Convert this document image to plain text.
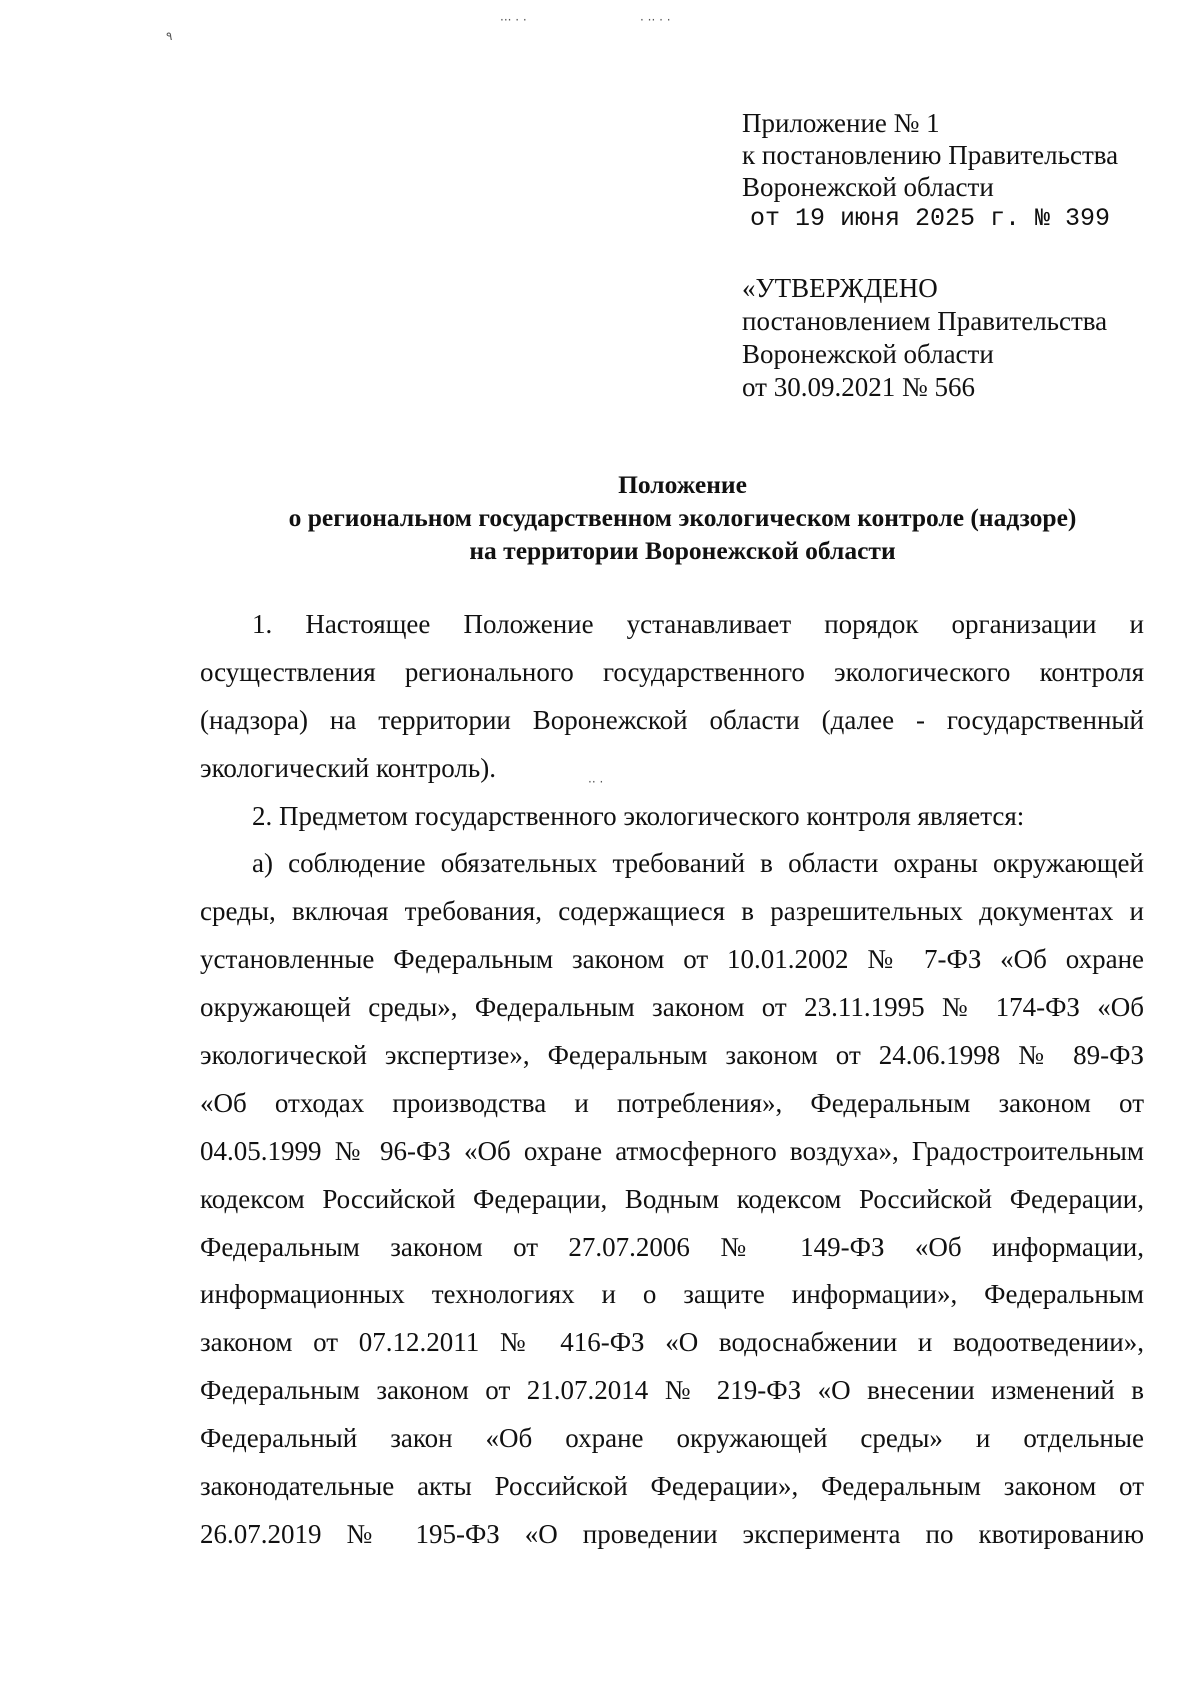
٩
··· · ·	· ·· · ·
·· ·
Приложение № 1
к постановлению Правительства
Воронежской области
от 19 июня 2025 г. № 399
«УТВЕРЖДЕНО
постановлением Правительства
Воронежской области
от 30.09.2021 № 566
Положение
о региональном государственном экологическом контроле (надзоре)
на территории Воронежской области
1. Настоящее Положение устанавливает порядок организации и
осуществления регионального государственного экологического контроля
(надзора) на территории Воронежской области (далее - государственный
экологический контроль).
2. Предметом государственного экологического контроля является:
а) соблюдение обязательных требований в области охраны окружающей
среды, включая требования, содержащиеся в разрешительных документах и
установленные Федеральным законом от 10.01.2002 № 7-ФЗ «Об охране
окружающей среды», Федеральным законом от 23.11.1995 № 174-ФЗ «Об
экологической экспертизе», Федеральным законом от 24.06.1998 № 89-ФЗ
«Об отходах производства и потребления», Федеральным законом от
04.05.1999 № 96-ФЗ «Об охране атмосферного воздуха», Градостроительным
кодексом Российской Федерации, Водным кодексом Российской Федерации,
Федеральным законом от 27.07.2006 № 149-ФЗ «Об информации,
информационных технологиях и о защите информации», Федеральным
законом от 07.12.2011 № 416-ФЗ «О водоснабжении и водоотведении»,
Федеральным законом от 21.07.2014 № 219-ФЗ «О внесении изменений в
Федеральный закон «Об охране окружающей среды» и отдельные
законодательные акты Российской Федерации», Федеральным законом от
26.07.2019 № 195-ФЗ «О проведении эксперимента по квотированию
